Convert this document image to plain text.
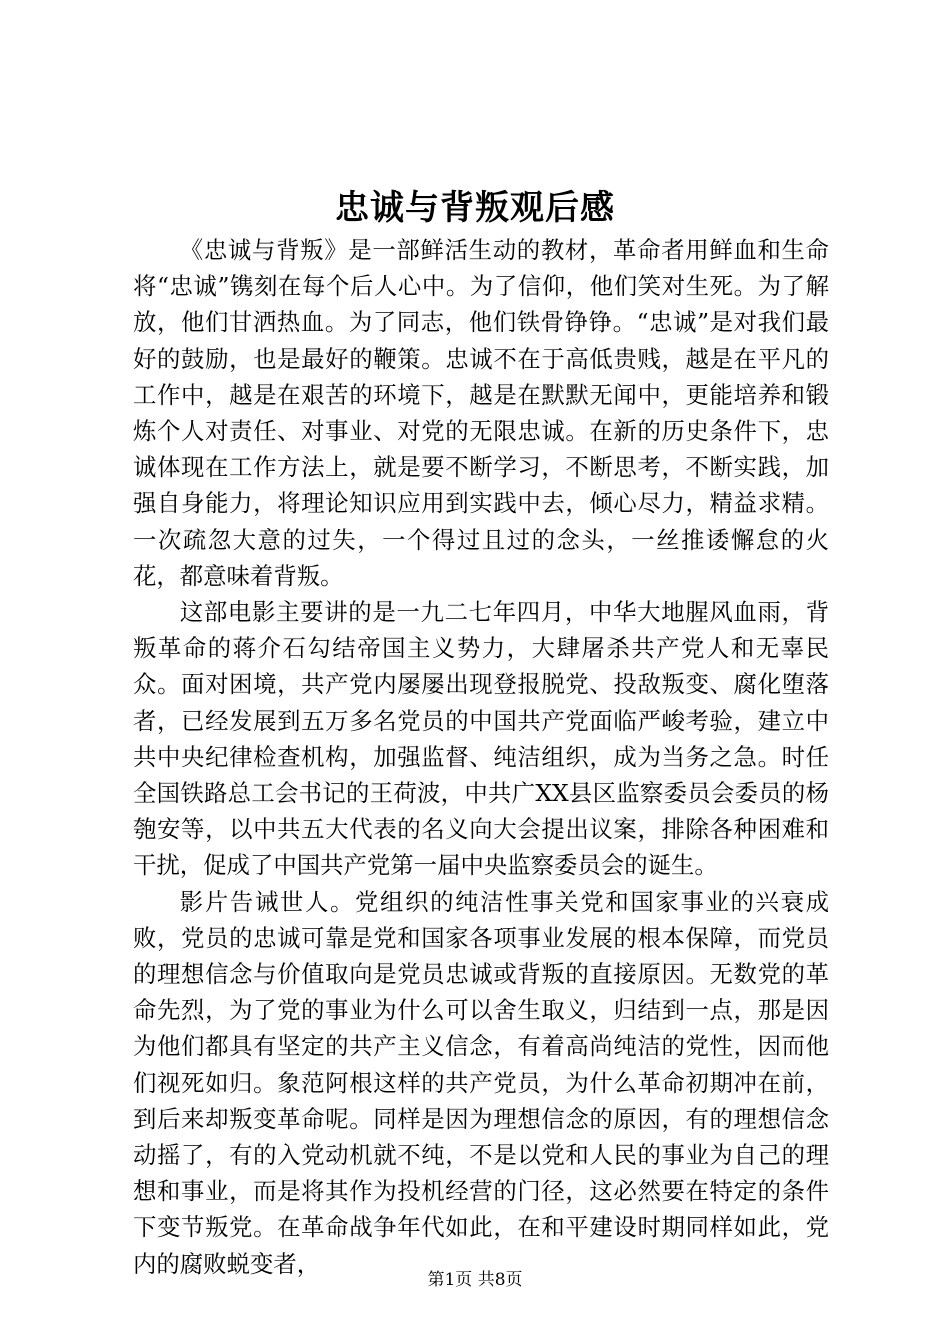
忠诚与背叛观后感

《忠诚与背叛》是一部鲜活生动的教材，革命者用鲜血和生命将“忠诚”镌刻在每个后人心中。为了信仰，他们笑对生死。为了解放，他们甘洒热血。为了同志，他们铁骨铮铮。“忠诚”是对我们最好的鼓励，也是最好的鞭策。忠诚不在于高低贵贱，越是在平凡的工作中，越是在艰苦的环境下，越是在默默无闻中，更能培养和锻炼个人对责任、对事业、对党的无限忠诚。在新的历史条件下，忠诚体现在工作方法上，就是要不断学习，不断思考，不断实践，加强自身能力，将理论知识应用到实践中去，倾心尽力，精益求精。一次疏忽大意的过失，一个得过且过的念头，一丝推诿懈怠的火花，都意味着背叛。

这部电影主要讲的是一九二七年四月，中华大地腥风血雨，背叛革命的蒋介石勾结帝国主义势力，大肆屠杀共产党人和无辜民众。面对困境，共产党内屡屡出现登报脱党、投敌叛变、腐化堕落者，已经发展到五万多名党员的中国共产党面临严峻考验，建立中共中央纪律检查机构，加强监督、纯洁组织，成为当务之急。时任全国铁路总工会书记的王荷波，中共广XX县区监察委员会委员的杨匏安等，以中共五大代表的名义向大会提出议案，排除各种困难和干扰，促成了中国共产党第一届中央监察委员会的诞生。

影片告诫世人。党组织的纯洁性事关党和国家事业的兴衰成败，党员的忠诚可靠是党和国家各项事业发展的根本保障，而党员的理想信念与价值取向是党员忠诚或背叛的直接原因。无数党的革命先烈，为了党的事业为什么可以舍生取义，归结到一点，那是因为他们都具有坚定的共产主义信念，有着高尚纯洁的党性，因而他们视死如归。象范阿根这样的共产党员，为什么革命初期冲在前，到后来却叛变革命呢。同样是因为理想信念的原因，有的理想信念动摇了，有的入党动机就不纯，不是以党和人民的事业为自己的理想和事业，而是将其作为投机经营的门径，这必然要在特定的条件下变节叛党。在革命战争年代如此，在和平建设时期同样如此，党内的腐败蜕变者，

第1页 共8页
